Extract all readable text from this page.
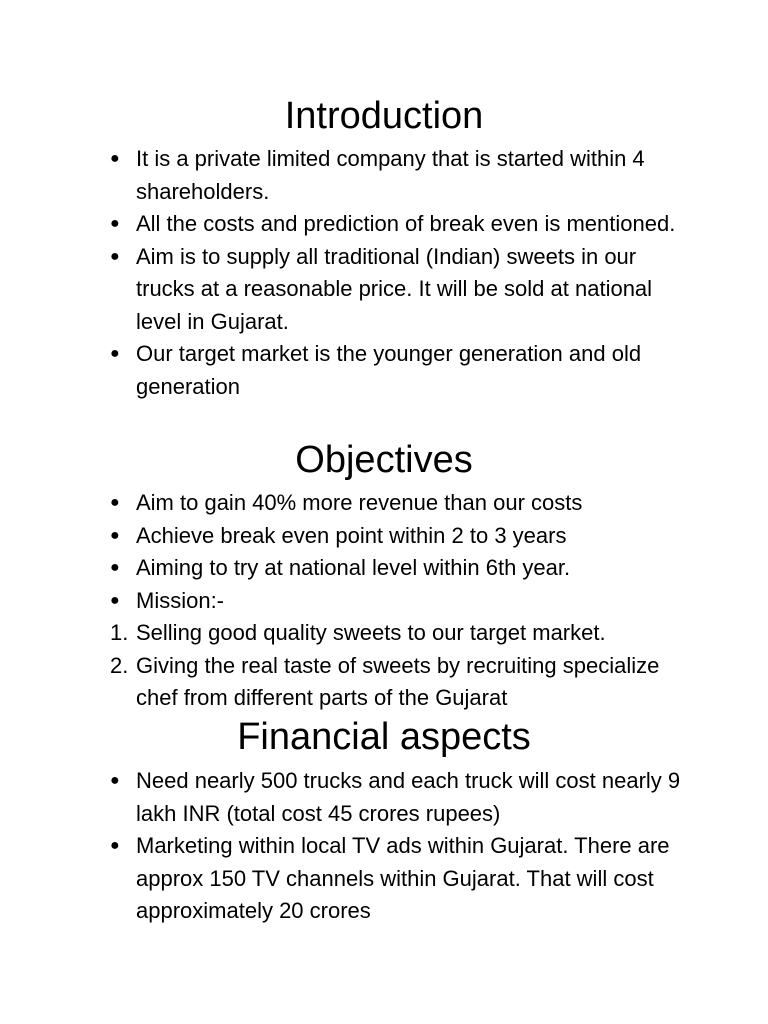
Introduction
● It is a private limited company that is started within 4 shareholders.
● All the costs and prediction of break even is mentioned.
● Aim is to supply all traditional (Indian) sweets in our trucks at a reasonable price. It will be sold at national level in Gujarat.
● Our target market is the younger generation and old generation
Objectives
● Aim to gain 40% more revenue than our costs
● Achieve break even point within 2 to 3 years
● Aiming to try at national level within 6th year.
● Mission:-
1. Selling good quality sweets to our target market.
2. Giving the real taste of sweets by recruiting specialize chef from different parts of the Gujarat
Financial aspects
● Need nearly 500 trucks and each truck will cost nearly 9 lakh INR (total cost 45 crores rupees)
● Marketing within local TV ads within Gujarat. There are approx 150 TV channels within Gujarat. That will cost approximately 20 crores
